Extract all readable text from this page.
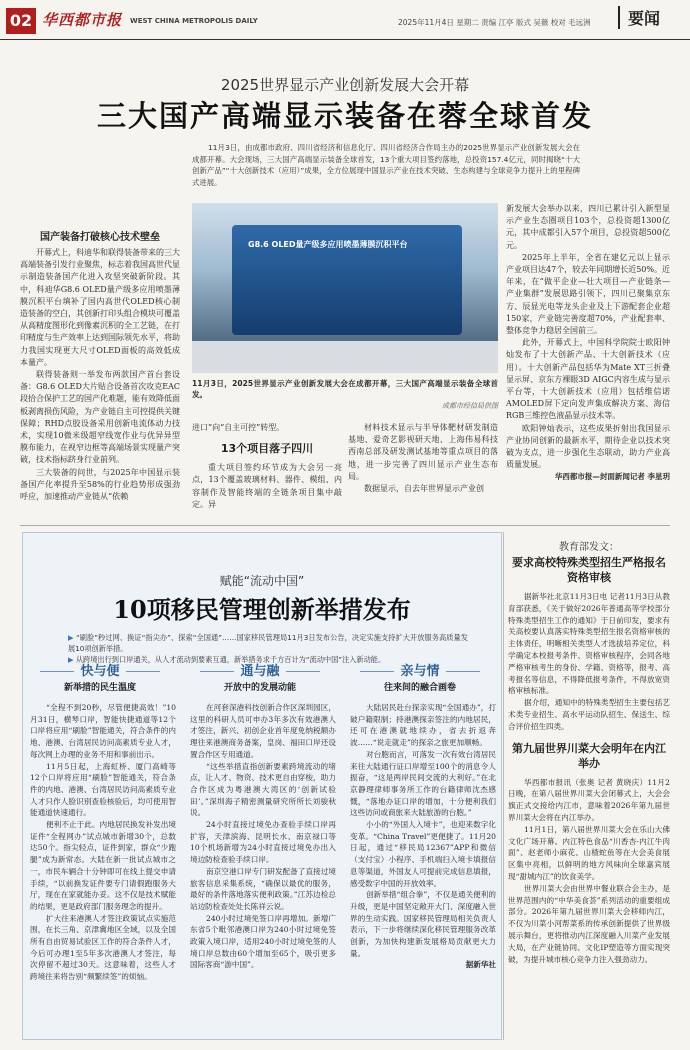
02 华西都市报 WEST CHINA METROPOLIS DAILY	2025年11月4日 星期二 责编 江亭 版式 吴薇 校对 毛远洲	要闻
2025世界显示产业创新发展大会开幕
三大国产高端显示装备在蓉全球首发

11月3日，由成都市政府、四川省经济和信息化厅、四川省经济合作局主办的2025世界显示产业创新发展大会在成都开幕。大会现场，三大国产高端显示装备全球首发，13个重大项目签约落地，总投资157.4亿元，同时揭晓“十大创新产品”“十大创新技术（应用）”成果，全方位展现中国显示产业在技术突破、生态构建与全球竞争力提升上的里程碑式进展。

国产装备打破核心技术壁垒

开幕式上，科迪华和联得装备带来的三大高端装备引发行业聚焦，标志着我国高世代显示制造装备国产化进入攻坚突破新阶段。其中，科迪华G8.6 OLED量产级多应用喷墨薄膜沉积平台填补了国内高世代OLED核心制造装备的空白，其创新打印头组合模块可覆盖从高精度图形化到像素沉积的全工艺链，在打印精度与生产效率上达到国际领先水平，将助力我国实现更大尺寸OLED面板的高效低成本量产。

联得装备则一举发布两款国产首台套设备：G8.6 OLED大片贴合设备首次攻克EAC段拾合保护工艺的国产化难题，能有效降低面板剥离损伤风险，为产业链自主可控提供关键保障；RHD点胶设备采用创新电流体动力技术，实现10微米级超窄线宽作业与优异异型膜布能力，在视窄边框等高端场景实现量产突破，技术指标跻身行业前列。

三大装备的问世，与2025年中国显示装备国产化率提升至58%的行业趋势形成强劲呼应，加速推动产业链从“依赖

G8.6 OLED量产级多应用喷墨薄膜沉积平台

11月3日，2025世界显示产业创新发展大会在成都开幕，三大国产高端显示装备全球首发。

成都市经信局供图

进口”向“自主可控”转型。

13个项目落子四川

重大项目签约环节成为大会另一亮点，13个覆盖玻璃材料、器件、模组、内容制作及智能终端的全链条项目集中敲定。异

材料技术显示与半导体靶材研发制造基地、爱奇艺影视研天地、上海伟易科技西南总部及研发测试基地等重点项目的落地，进一步完善了四川显示产业生态布局。

数据显示，自去年世界显示产业创

新发展大会举办以来，四川已累计引入新型显示产业生态圈项目103个，总投资超1300亿元，其中成都引入57个项目，总投资超500亿元。

2025年上半年，全省在建亿元以上显示产业项目达47个，较去年同期增长近50%。近年来，在“做平企业—壮大项目—产业链条—产业集群”发展思路引领下，四川已聚集京东方、辰显光电等龙头企业及上下游配套企业超150家，产业链完善度超70%，产业配套率、整体竞争力稳居全国前三。

此外，开幕式上，中国科学院院士欧阳钟灿发布了十大创新产品、十大创新技术（应用）。十大创新产品包括华为Mate XT三折叠显示屏、京东方裸眼3D AIGC内容生成与显示平台等，十大创新技术（应用）包括维信诺AMOLED屏下定向发声集成解决方案、海信RGB三维控色液晶显示技术等。

欧阳钟灿表示，这些成果折射出我国显示产业协同创新的最新水平，期待企业以技术突破为支点，进一步强化生态联动，助力产业高质量发展。

华西都市报—封面新闻记者 李星玥

赋能“流动中国”
10项移民管理创新举措发布

▶ “刷脸”秒过网、换证“指尖办”、探索“全国通”……国家移民管理局11月3日发布公告，决定实施支持扩大开放服务高质量发展10项创新举措。

▶ 从跨境出行到口岸通关，从人才流动到要素互通，新举措务求千方百计为“流动中国”注入新动能。

快与便	通与融	亲与情
新举措的民生温度	开放中的发展动能	往来间的融合画卷

“全程不到20秒，尽管便捷高效！”10月31日，横琴口岸，智能快捷通道等12个口岸将应用“刷脸”智能通关，符合条件的内地、港澳、台湾居民访问高素质专业人才，每次网上办理的业务不用和事前出示。

11月5日起，上海虹桥、厦门高崎等12个口岸将应用“刷脸”智能通关，符合条件的内地、港澳、台湾居民访问高素质专业人才只作人脸识别查验核验后，均可使用智能通道快速通行。

便利不止于此。内地居民换发补发出境证件“全程网办”试点城市新增30个，总数达50个。指尖轻点，证件到家，群众“少跑腿”成为新常态。大陆在新一批试点城市之一，市民车辆合十分钟即可在线上提交申请手续，“以前换发证件要专门请假跑服务大厅，现在在家就能办妥。这不仅是技术赋能的结果，更是政府部门服务理念的提升。

扩大往来港澳人才签注政策试点实施范围，在长三角、京津冀地区全域，以及全国所有自由贸易试验区工作的符合条件人才，今后可办理1至5年多次港澳人才签注，每次停留不超过30天。这意味着，这些人才跨境往来将告别“频繁续签”的烦恼。

在河套深港科技创新合作区深圳园区，这里的科研人员可申办3年多次有效港澳人才签注，新兴、初创企业首年度免纳税额办理往来港澳商务备案，皇岗、福田口岸还设置合作区专用通道。

“这些举措直指创新要素跨境流动的堵点，让人才、物资、技术更自由穿梭，助力合作区成为粤港澳大湾区的‘创新试验田’。”深圳海子精密测量研究所所长刘骏秋说。

24小时直接过境免办查验手续口岸再扩容，天津滨海、昆明长水、南京禄口等10个机场新增为24小时直接过境免办出入境边防检查验手续口岸。

南京空港口岸专门研发配备了直接过境旅客信息采集系统，“确保以最优的服务，最好的条件落地落实便利政策。”江苏边检总站边防检查处处长陈祥云说。

240小时过境免签口岸再增加。新增广东省5个毗邻港澳口岸为240小时过境免签政策入境口岸，适用240小时过境免签的人境口岸总数由60个增加至65个，吸引更多国际客商“游中国”。

大陆居民赴台探亲实现“全国通办”，打破户籍限制；持港澳探亲签注的内地居民，还可在港澳就地续办，省去折返奔波……“说走就走”的探亲之旅更加顺畅。

对台胞而言，可落发一次有效台湾居民来往大陆通行证口岸增至100个的消息令人振奋，“这是两岸民间交流的大利好。”在北京静理律师事务所工作的台籍律师沈杰感慨，“落地办证口岸的增加，十分便利我们这些访问或商旅来大陆旅游的台胞。”

小小的“外国人入境卡”，也迎来数字化变革。“China Travel”更便捷了。11月20日起，通过“移民局12367”APP和微信（支付宝）小程序、手机端扫入境卡填报信息等渠道，外国友人可提前完成信息填报，感受数字中国的开放效率。

创新举措“组合拳”，不仅是通关便利的升级，更是中国坚定敞开大门、深度融入世界的生动实践。国家移民管理局相关负责人表示，下一步将继续深化移民管理服务改革创新，为加快构建新发展格局贡献更大力量。

据新华社

教育部发文：
要求高校特殊类型招生严格报名资格审核

据新华社北京11月3日电 记者11月3日从教育部获悉，《关于做好2026年普通高等学校部分特殊类型招生工作的通知》于日前印发，要求有关高校要认真落实特殊类型招生报名资格审核的主体责任，明晰相关类型人才选拔培养定位，科学确定本校报考条件、资格审核程序，会同各地严格审核考生的身份、学籍、资格等，报考、高考报名等信息，不得降低报考条件，不得放宽资格审核标准。

据介绍，通知中的特殊类型招生主要包括艺术类专业招生、高水平运动队招生、保送生、综合评价招生四类。

第九届世界川菜大会明年在内江举办

华西都市报讯（张奥 记者 黄晓庆）11月2日晚，在第八届世界川菜大会闭幕式上，大会会旗正式交接给内江市，意味着2026年第九届世界川菜大会将在内江举办。

11月1日，第八届世界川菜大会在乐山大佛文化广场开幕。内江特色食品“川香杏-内江牛肉面”、赵老师小麻花、山楂蛇鱼等在大会美食展区集中亮相，以鲜明的地方风味向全球嘉宾展现“甜城内江”的饮食美学。

世界川菜大会由世界中餐业联合会主办，是世界范围内的“中华美食荟”系列活动的重要组成部分。2026年第九届世界川菜大会移师内江，不仅为川菜小河帮菜系的传承创新提供了世界级展示舞台，更将推动内江深度融入川菜产业发展大局，在产业链协同、文化IP塑造等方面实现突破，为提升城市核心竞争力注入强劲动力。
